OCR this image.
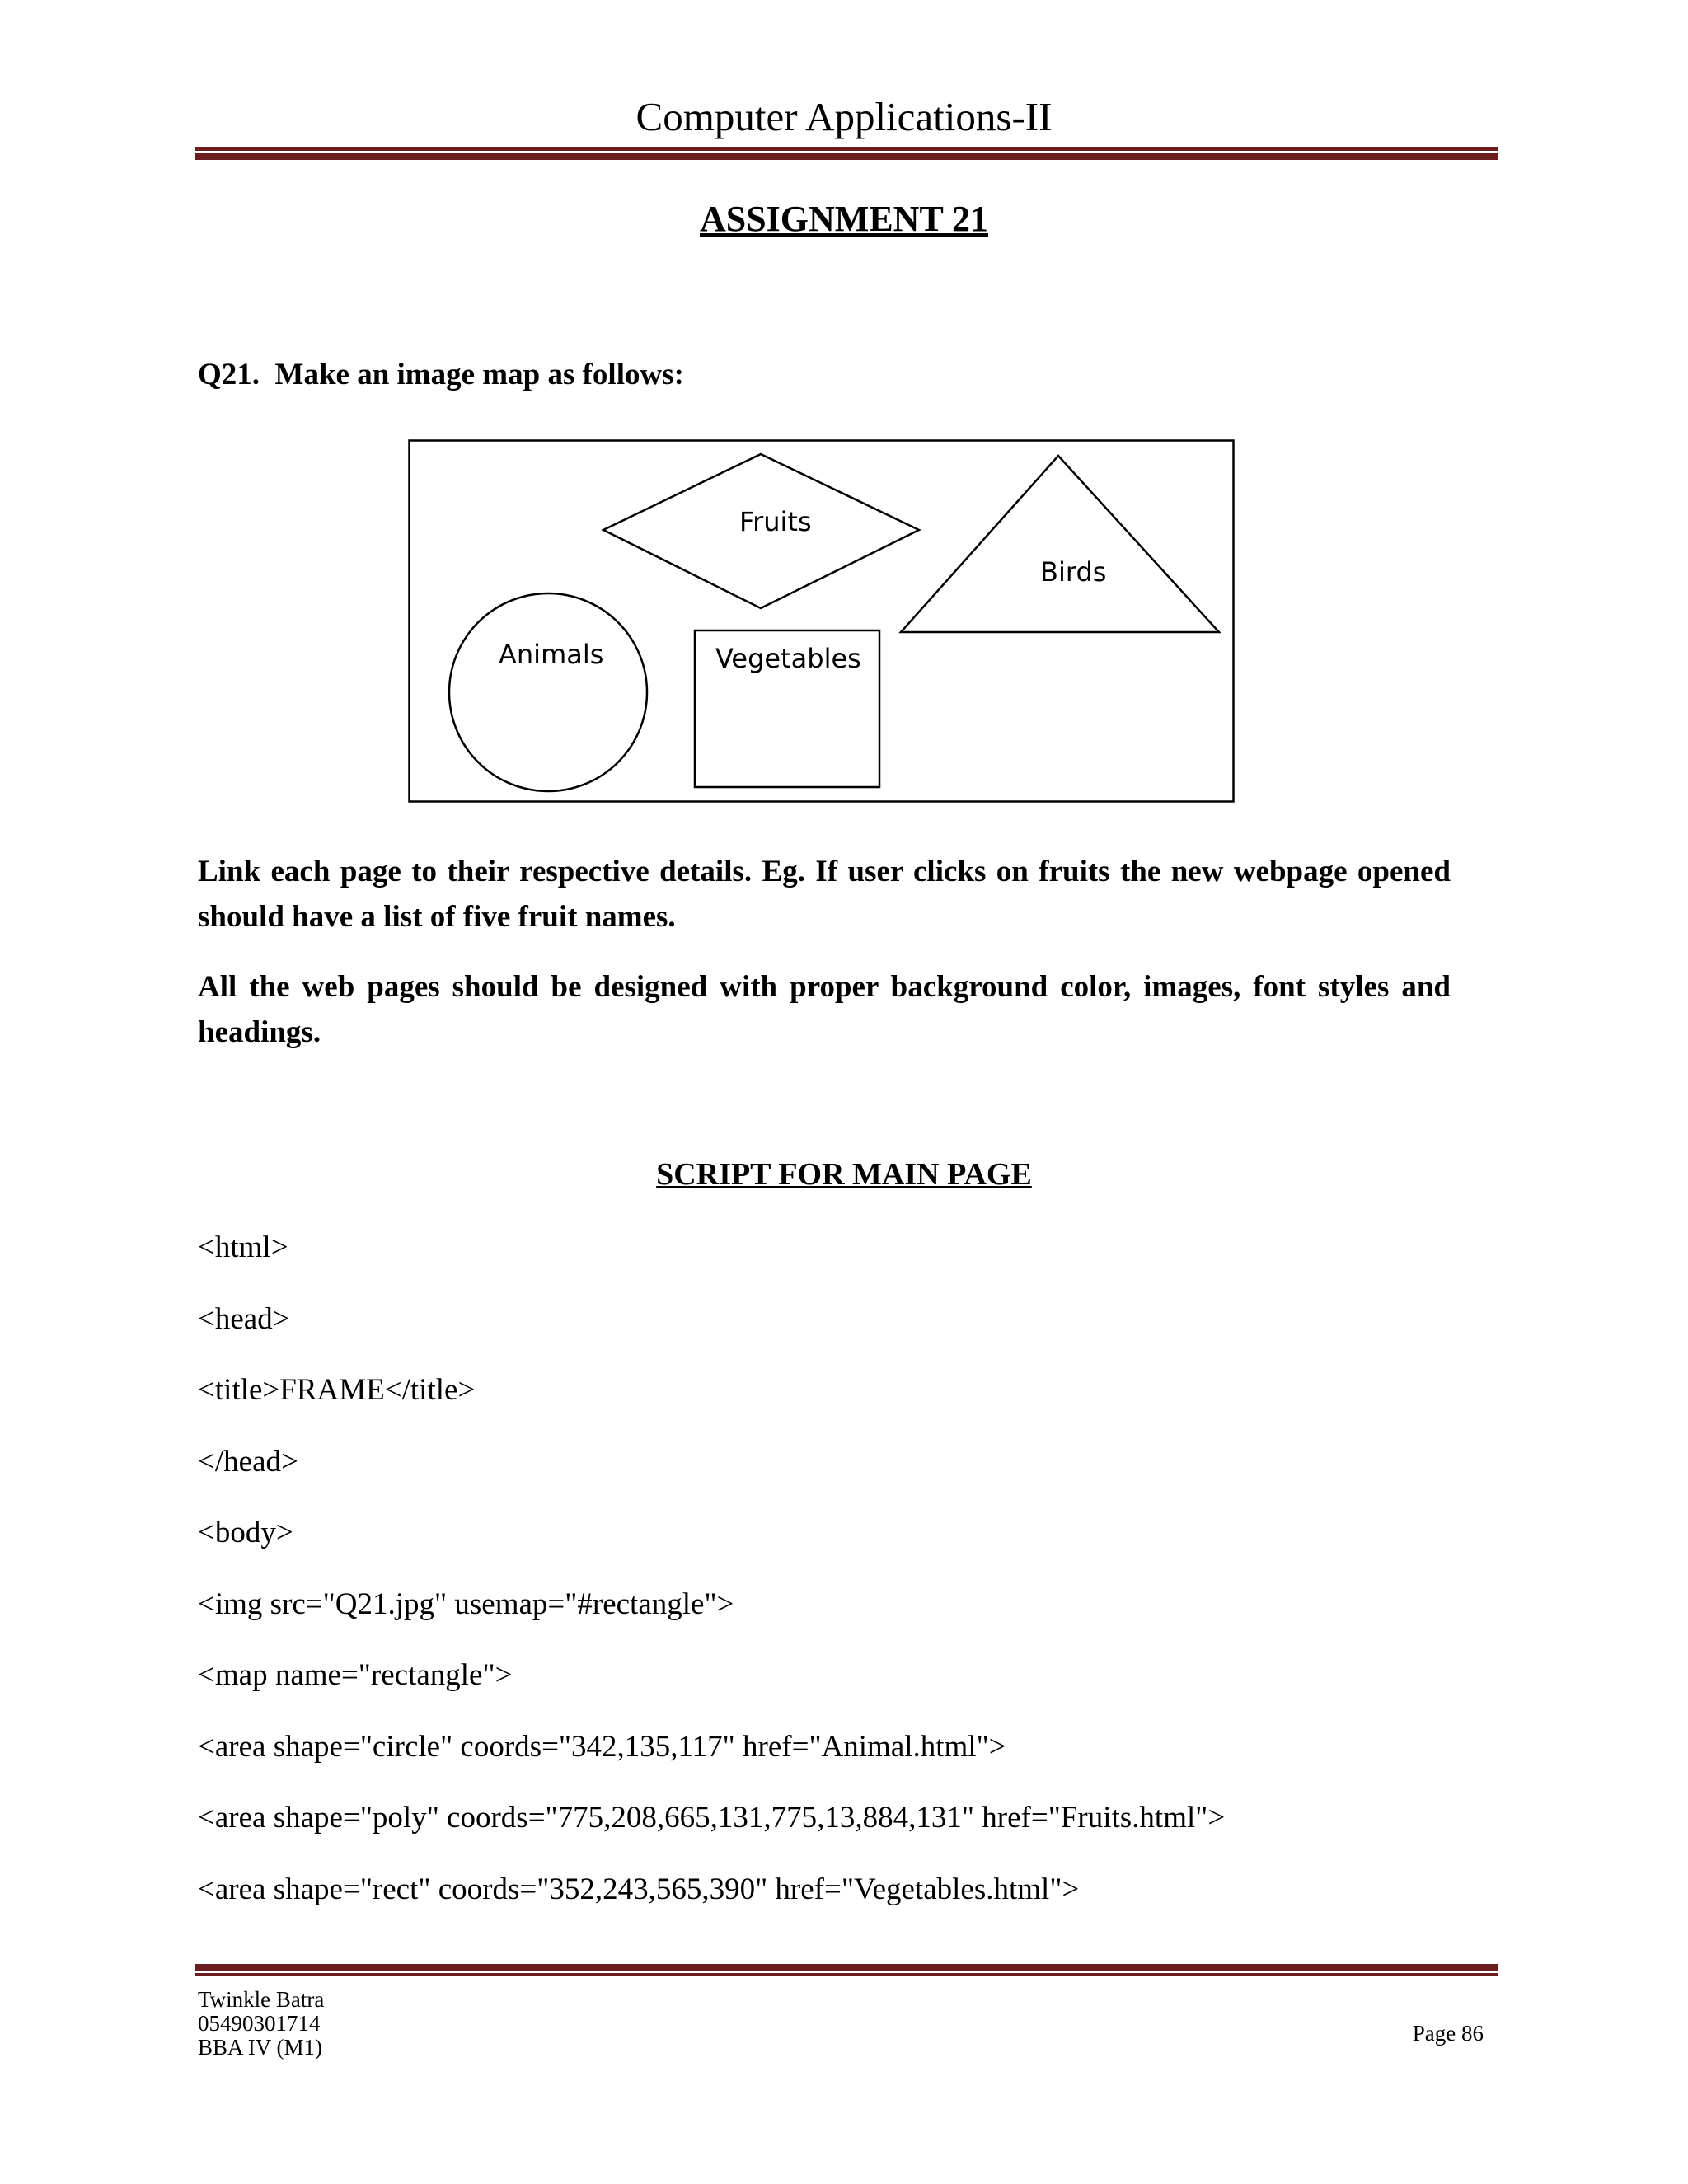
Computer Applications-II
ASSIGNMENT 21
Q21.  Make an image map as follows:
Fruits
Birds
Animals	Vegetables
Link each page to their respective details. Eg. If user clicks on fruits the new webpage opened should have a list of five fruit names.
All the web pages should be designed with proper background color, images, font styles and headings.
SCRIPT FOR MAIN PAGE
<html>
<head>
<title>FRAME</title>
</head>
<body>
<img src="Q21.jpg" usemap="#rectangle">
<map name="rectangle">
<area shape="circle" coords="342,135,117" href="Animal.html">
<area shape="poly" coords="775,208,665,131,775,13,884,131" href="Fruits.html">
<area shape="rect" coords="352,243,565,390" href="Vegetables.html">
Twinkle Batra
05490301714
BBA IV (M1)
Page 86
